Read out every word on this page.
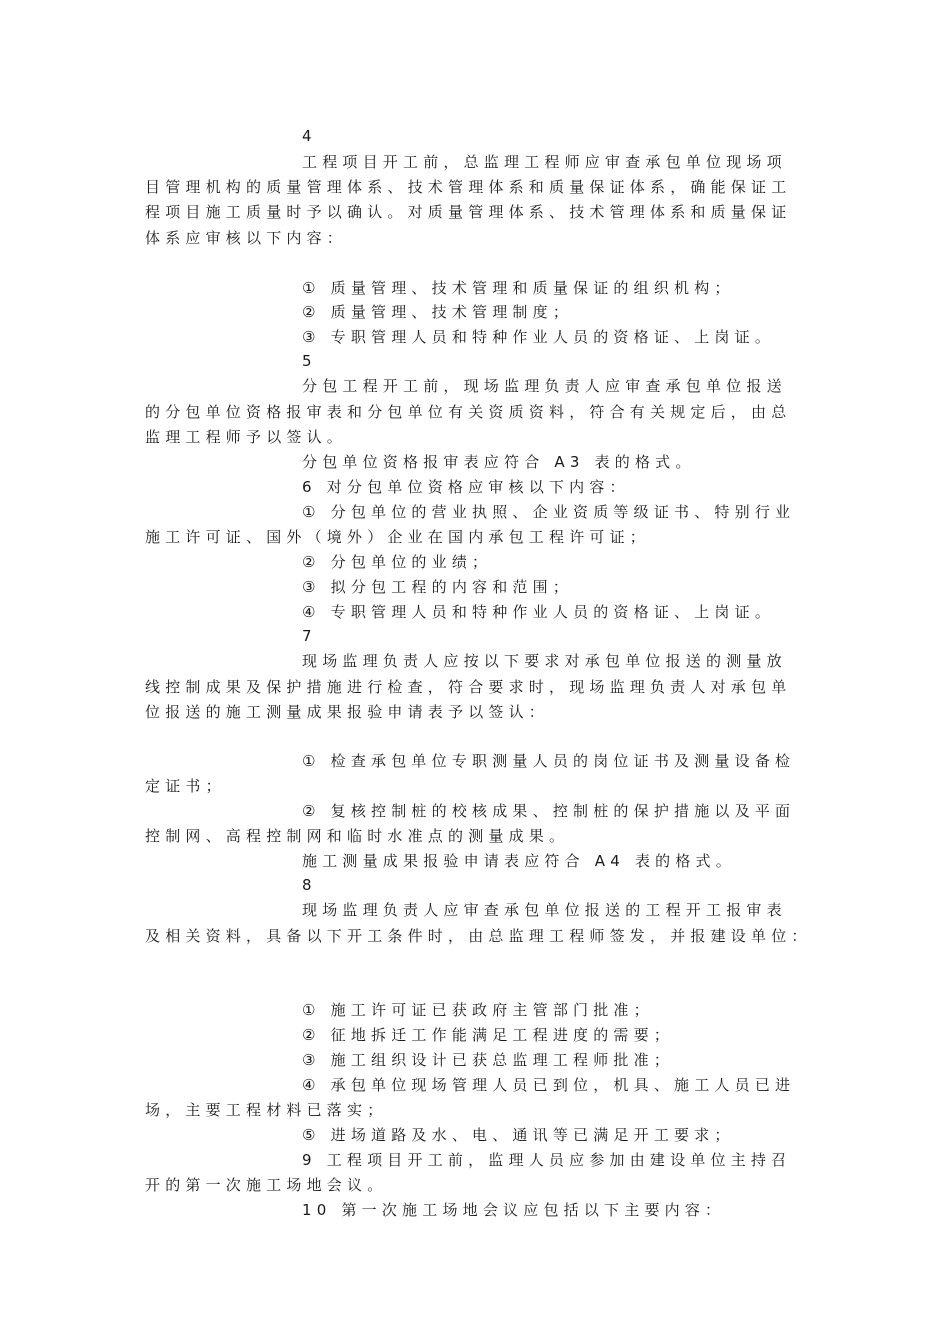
4
工程项目开工前，总监理工程师应审查承包单位现场项
目管理机构的质量管理体系、技术管理体系和质量保证体系，确能保证工
程项目施工质量时予以确认。对质量管理体系、技术管理体系和质量保证
体系应审核以下内容：
① 质量管理、技术管理和质量保证的组织机构；
② 质量管理、技术管理制度；
③ 专职管理人员和特种作业人员的资格证、上岗证。
5
分包工程开工前，现场监理负责人应审查承包单位报送
的分包单位资格报审表和分包单位有关资质资料，符合有关规定后，由总
监理工程师予以签认。
分包单位资格报审表应符合 A3 表的格式。
6 对分包单位资格应审核以下内容：
① 分包单位的营业执照、企业资质等级证书、特别行业
施工许可证、国外（境外）企业在国内承包工程许可证；
② 分包单位的业绩；
③ 拟分包工程的内容和范围；
④ 专职管理人员和特种作业人员的资格证、上岗证。
7
现场监理负责人应按以下要求对承包单位报送的测量放
线控制成果及保护措施进行检查，符合要求时，现场监理负责人对承包单
位报送的施工测量成果报验申请表予以签认：
① 检查承包单位专职测量人员的岗位证书及测量设备检
定证书；
② 复核控制桩的校核成果、控制桩的保护措施以及平面
控制网、高程控制网和临时水准点的测量成果。
施工测量成果报验申请表应符合 A4 表的格式。
8
现场监理负责人应审查承包单位报送的工程开工报审表
及相关资料，具备以下开工条件时，由总监理工程师签发，并报建设单位：
① 施工许可证已获政府主管部门批准；
② 征地拆迁工作能满足工程进度的需要；
③ 施工组织设计已获总监理工程师批准；
④ 承包单位现场管理人员已到位，机具、施工人员已进
场，主要工程材料已落实；
⑤ 进场道路及水、电、通讯等已满足开工要求；
9 工程项目开工前，监理人员应参加由建设单位主持召
开的第一次施工场地会议。
10 第一次施工场地会议应包括以下主要内容：
